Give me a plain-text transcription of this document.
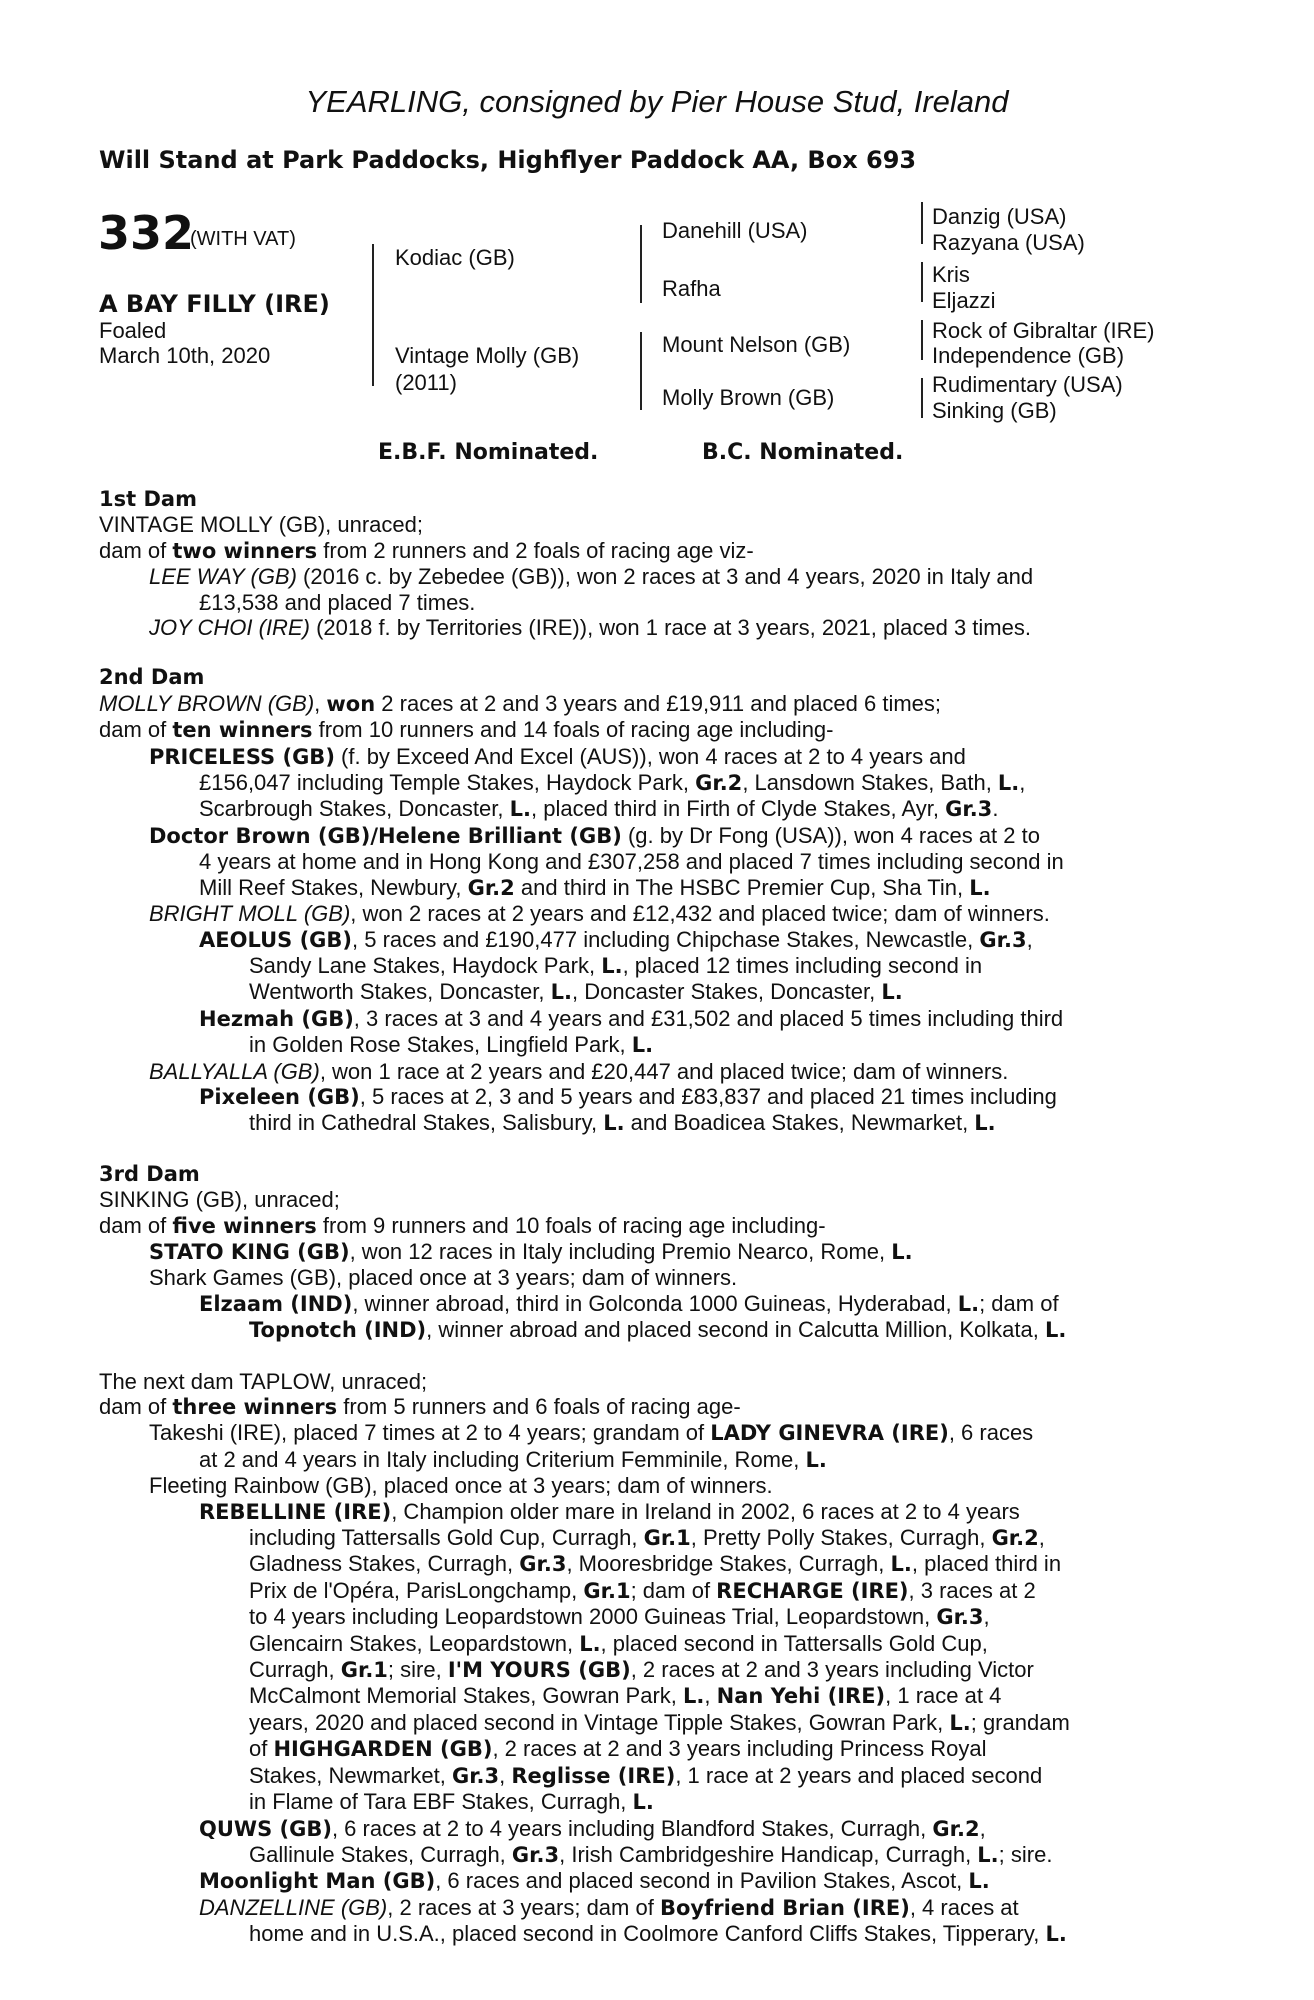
YEARLING, consigned by Pier House Stud, Ireland
Will Stand at Park Paddocks, Highflyer Paddock AA, Box 693
332
(WITH VAT)
A BAY FILLY (IRE)
Foaled
March 10th, 2020
Kodiac (GB)
Vintage Molly (GB)
(2011)
Danehill (USA)
Rafha
Mount Nelson (GB)
Molly Brown (GB)
Danzig (USA)
Razyana (USA)
Kris
Eljazzi
Rock of Gibraltar (IRE)
Independence (GB)
Rudimentary (USA)
Sinking (GB)
E.B.F. Nominated.	B.C. Nominated.

1st Dam

VINTAGE MOLLY (GB), unraced;

dam of two winners from 2 runners and 2 foals of racing age viz-

LEE WAY (GB) (2016 c. by Zebedee (GB)), won 2 races at 3 and 4 years, 2020 in Italy and

£13,538 and placed 7 times.

JOY CHOI (IRE) (2018 f. by Territories (IRE)), won 1 race at 3 years, 2021, placed 3 times.

2nd Dam

MOLLY BROWN (GB), won 2 races at 2 and 3 years and £19,911 and placed 6 times;

dam of ten winners from 10 runners and 14 foals of racing age including-

PRICELESS (GB) (f. by Exceed And Excel (AUS)), won 4 races at 2 to 4 years and

£156,047 including Temple Stakes, Haydock Park, Gr.2, Lansdown Stakes, Bath, L.,

Scarbrough Stakes, Doncaster, L., placed third in Firth of Clyde Stakes, Ayr, Gr.3.

Doctor Brown (GB)/Helene Brilliant (GB) (g. by Dr Fong (USA)), won 4 races at 2 to

4 years at home and in Hong Kong and £307,258 and placed 7 times including second in

Mill Reef Stakes, Newbury, Gr.2 and third in The HSBC Premier Cup, Sha Tin, L.

BRIGHT MOLL (GB), won 2 races at 2 years and £12,432 and placed twice; dam of winners.

AEOLUS (GB), 5 races and £190,477 including Chipchase Stakes, Newcastle, Gr.3,

Sandy Lane Stakes, Haydock Park, L., placed 12 times including second in

Wentworth Stakes, Doncaster, L., Doncaster Stakes, Doncaster, L.

Hezmah (GB), 3 races at 3 and 4 years and £31,502 and placed 5 times including third

in Golden Rose Stakes, Lingfield Park, L.

BALLYALLA (GB), won 1 race at 2 years and £20,447 and placed twice; dam of winners.

Pixeleen (GB), 5 races at 2, 3 and 5 years and £83,837 and placed 21 times including

third in Cathedral Stakes, Salisbury, L. and Boadicea Stakes, Newmarket, L.

3rd Dam

SINKING (GB), unraced;

dam of five winners from 9 runners and 10 foals of racing age including-

STATO KING (GB), won 12 races in Italy including Premio Nearco, Rome, L.

Shark Games (GB), placed once at 3 years; dam of winners.

Elzaam (IND), winner abroad, third in Golconda 1000 Guineas, Hyderabad, L.; dam of

Topnotch (IND), winner abroad and placed second in Calcutta Million, Kolkata, L.

The next dam TAPLOW, unraced;

dam of three winners from 5 runners and 6 foals of racing age-

Takeshi (IRE), placed 7 times at 2 to 4 years; grandam of LADY GINEVRA (IRE), 6 races

at 2 and 4 years in Italy including Criterium Femminile, Rome, L.

Fleeting Rainbow (GB), placed once at 3 years; dam of winners.

REBELLINE (IRE), Champion older mare in Ireland in 2002, 6 races at 2 to 4 years

including Tattersalls Gold Cup, Curragh, Gr.1, Pretty Polly Stakes, Curragh, Gr.2,

Gladness Stakes, Curragh, Gr.3, Mooresbridge Stakes, Curragh, L., placed third in

Prix de l'Opéra, ParisLongchamp, Gr.1; dam of RECHARGE (IRE), 3 races at 2

to 4 years including Leopardstown 2000 Guineas Trial, Leopardstown, Gr.3,

Glencairn Stakes, Leopardstown, L., placed second in Tattersalls Gold Cup,

Curragh, Gr.1; sire, I'M YOURS (GB), 2 races at 2 and 3 years including Victor

McCalmont Memorial Stakes, Gowran Park, L., Nan Yehi (IRE), 1 race at 4

years, 2020 and placed second in Vintage Tipple Stakes, Gowran Park, L.; grandam

of HIGHGARDEN (GB), 2 races at 2 and 3 years including Princess Royal

Stakes, Newmarket, Gr.3, Reglisse (IRE), 1 race at 2 years and placed second

in Flame of Tara EBF Stakes, Curragh, L.

QUWS (GB), 6 races at 2 to 4 years including Blandford Stakes, Curragh, Gr.2,

Gallinule Stakes, Curragh, Gr.3, Irish Cambridgeshire Handicap, Curragh, L.; sire.

Moonlight Man (GB), 6 races and placed second in Pavilion Stakes, Ascot, L.

DANZELLINE (GB), 2 races at 3 years; dam of Boyfriend Brian (IRE), 4 races at

home and in U.S.A., placed second in Coolmore Canford Cliffs Stakes, Tipperary, L.
